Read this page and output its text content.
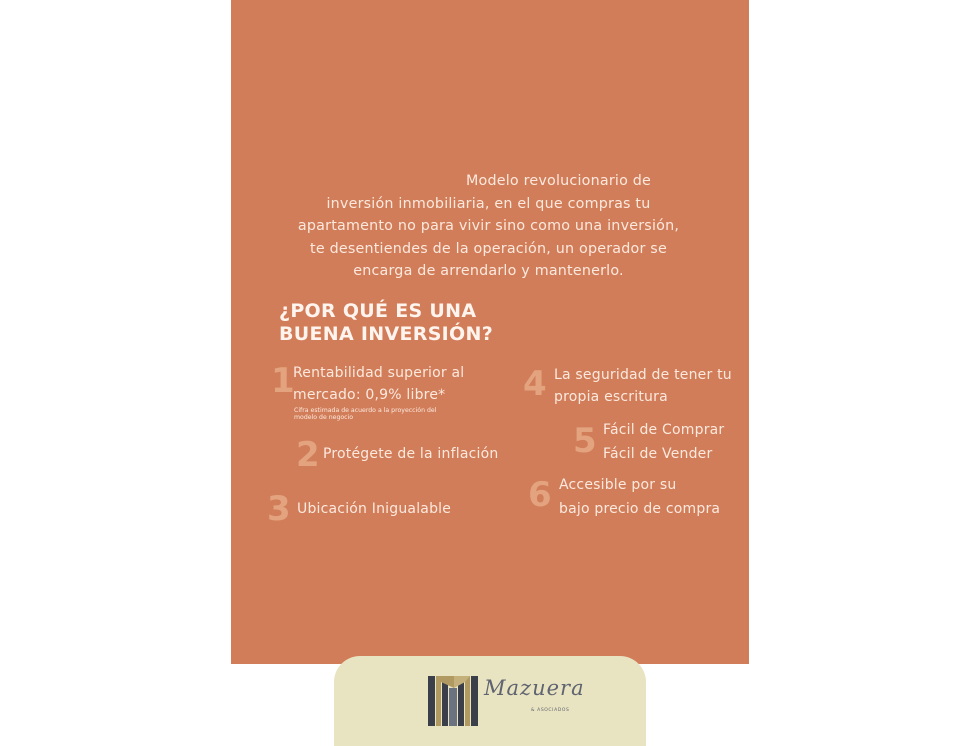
Modelo revolucionario de
inversión inmobiliaria, en el que compras tu
apartamento no para vivir sino como una inversión,
te desentiendes de la operación, un operador se
encarga de arrendarlo y mantenerlo.
¿POR QUÉ ES UNA
BUENA INVERSIÓN?
1
Rentabilidad superior al
mercado: 0,9% libre*
Cifra estimada de acuerdo a la proyección del
modelo de negocio
2 Protégete de la inflación
3 Ubicación Inigualable
4 La seguridad de tener tu
propia escritura
5 Fácil de Comprar
Fácil de Vender
6 Accesible por su
bajo precio de compra
Mazuera
& ASOCIADOS
